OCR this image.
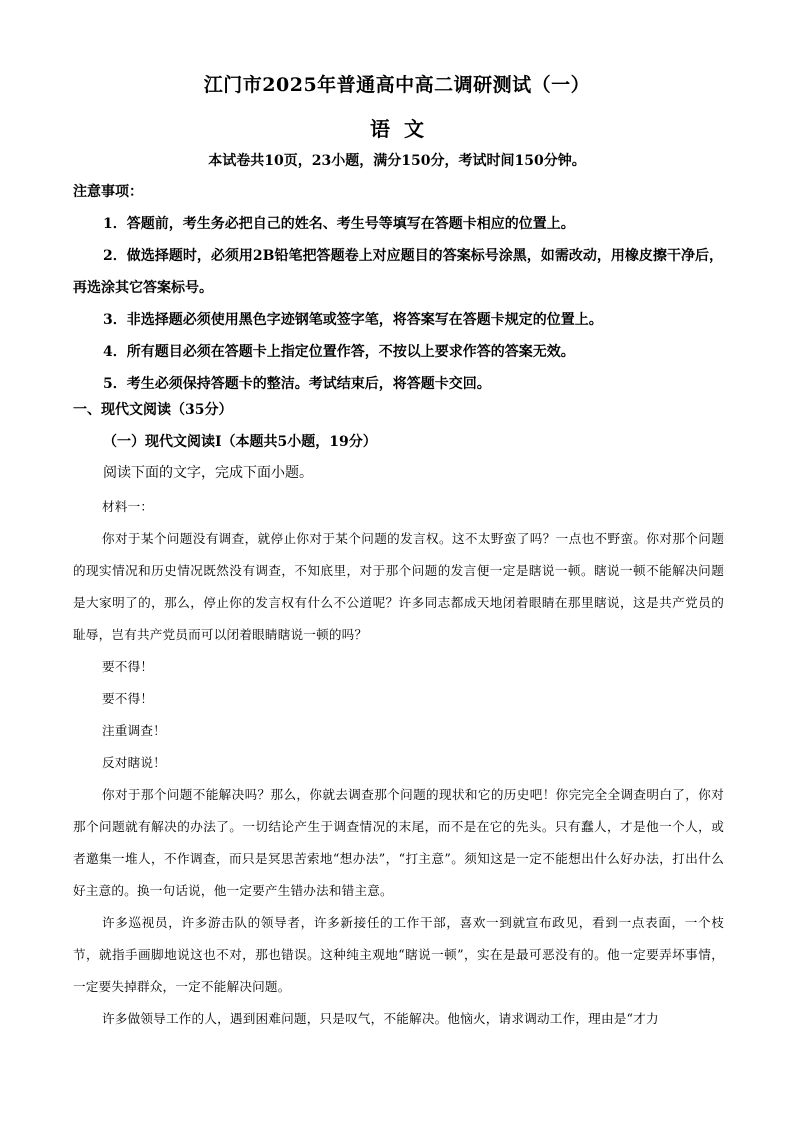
江门市2025年普通高中高二调研测试（一）
语文
本试卷共10页，23小题，满分150分，考试时间150分钟。
注意事项：

1．答题前，考生务必把自己的姓名、考生号等填写在答题卡相应的位置上。

2．做选择题时，必须用2B铅笔把答题卷上对应题目的答案标号涂黑，如需改动，用橡皮擦干净后，再选涂其它答案标号。

3．非选择题必须使用黑色字迹钢笔或签字笔，将答案写在答题卡规定的位置上。

4．所有题目必须在答题卡上指定位置作答，不按以上要求作答的答案无效。

5．考生必须保持答题卡的整洁。考试结束后，将答题卡交回。

一、现代文阅读（35分）
（一）现代文阅读Ⅰ（本题共5小题，19分）
阅读下面的文字，完成下面小题。

材料一：

你对于某个问题没有调查，就停止你对于某个问题的发言权。这不太野蛮了吗？一点也不野蛮。你对那个问题的现实情况和历史情况既然没有调查，不知底里，对于那个问题的发言便一定是瞎说一顿。瞎说一顿不能解决问题是大家明了的，那么，停止你的发言权有什么不公道呢？许多同志都成天地闭着眼睛在那里瞎说，这是共产党员的耻辱，岂有共产党员而可以闭着眼睛瞎说一顿的吗？

要不得！

要不得！

注重调查！

反对瞎说！

你对于那个问题不能解决吗？那么，你就去调查那个问题的现状和它的历史吧！你完完全全调查明白了，你对那个问题就有解决的办法了。一切结论产生于调查情况的末尾，而不是在它的先头。只有蠢人，才是他一个人，或者邀集一堆人，不作调查，而只是冥思苦索地“想办法”，“打主意”。须知这是一定不能想出什么好办法，打出什么好主意的。换一句话说，他一定要产生错办法和错主意。

许多巡视员，许多游击队的领导者，许多新接任的工作干部，喜欢一到就宣布政见，看到一点表面，一个枝节，就指手画脚地说这也不对，那也错误。这种纯主观地“瞎说一顿”，实在是最可恶没有的。他一定要弄坏事情，一定要失掉群众，一定不能解决问题。

许多做领导工作的人，遇到困难问题，只是叹气，不能解决。他恼火，请求调动工作，理由是“才力
